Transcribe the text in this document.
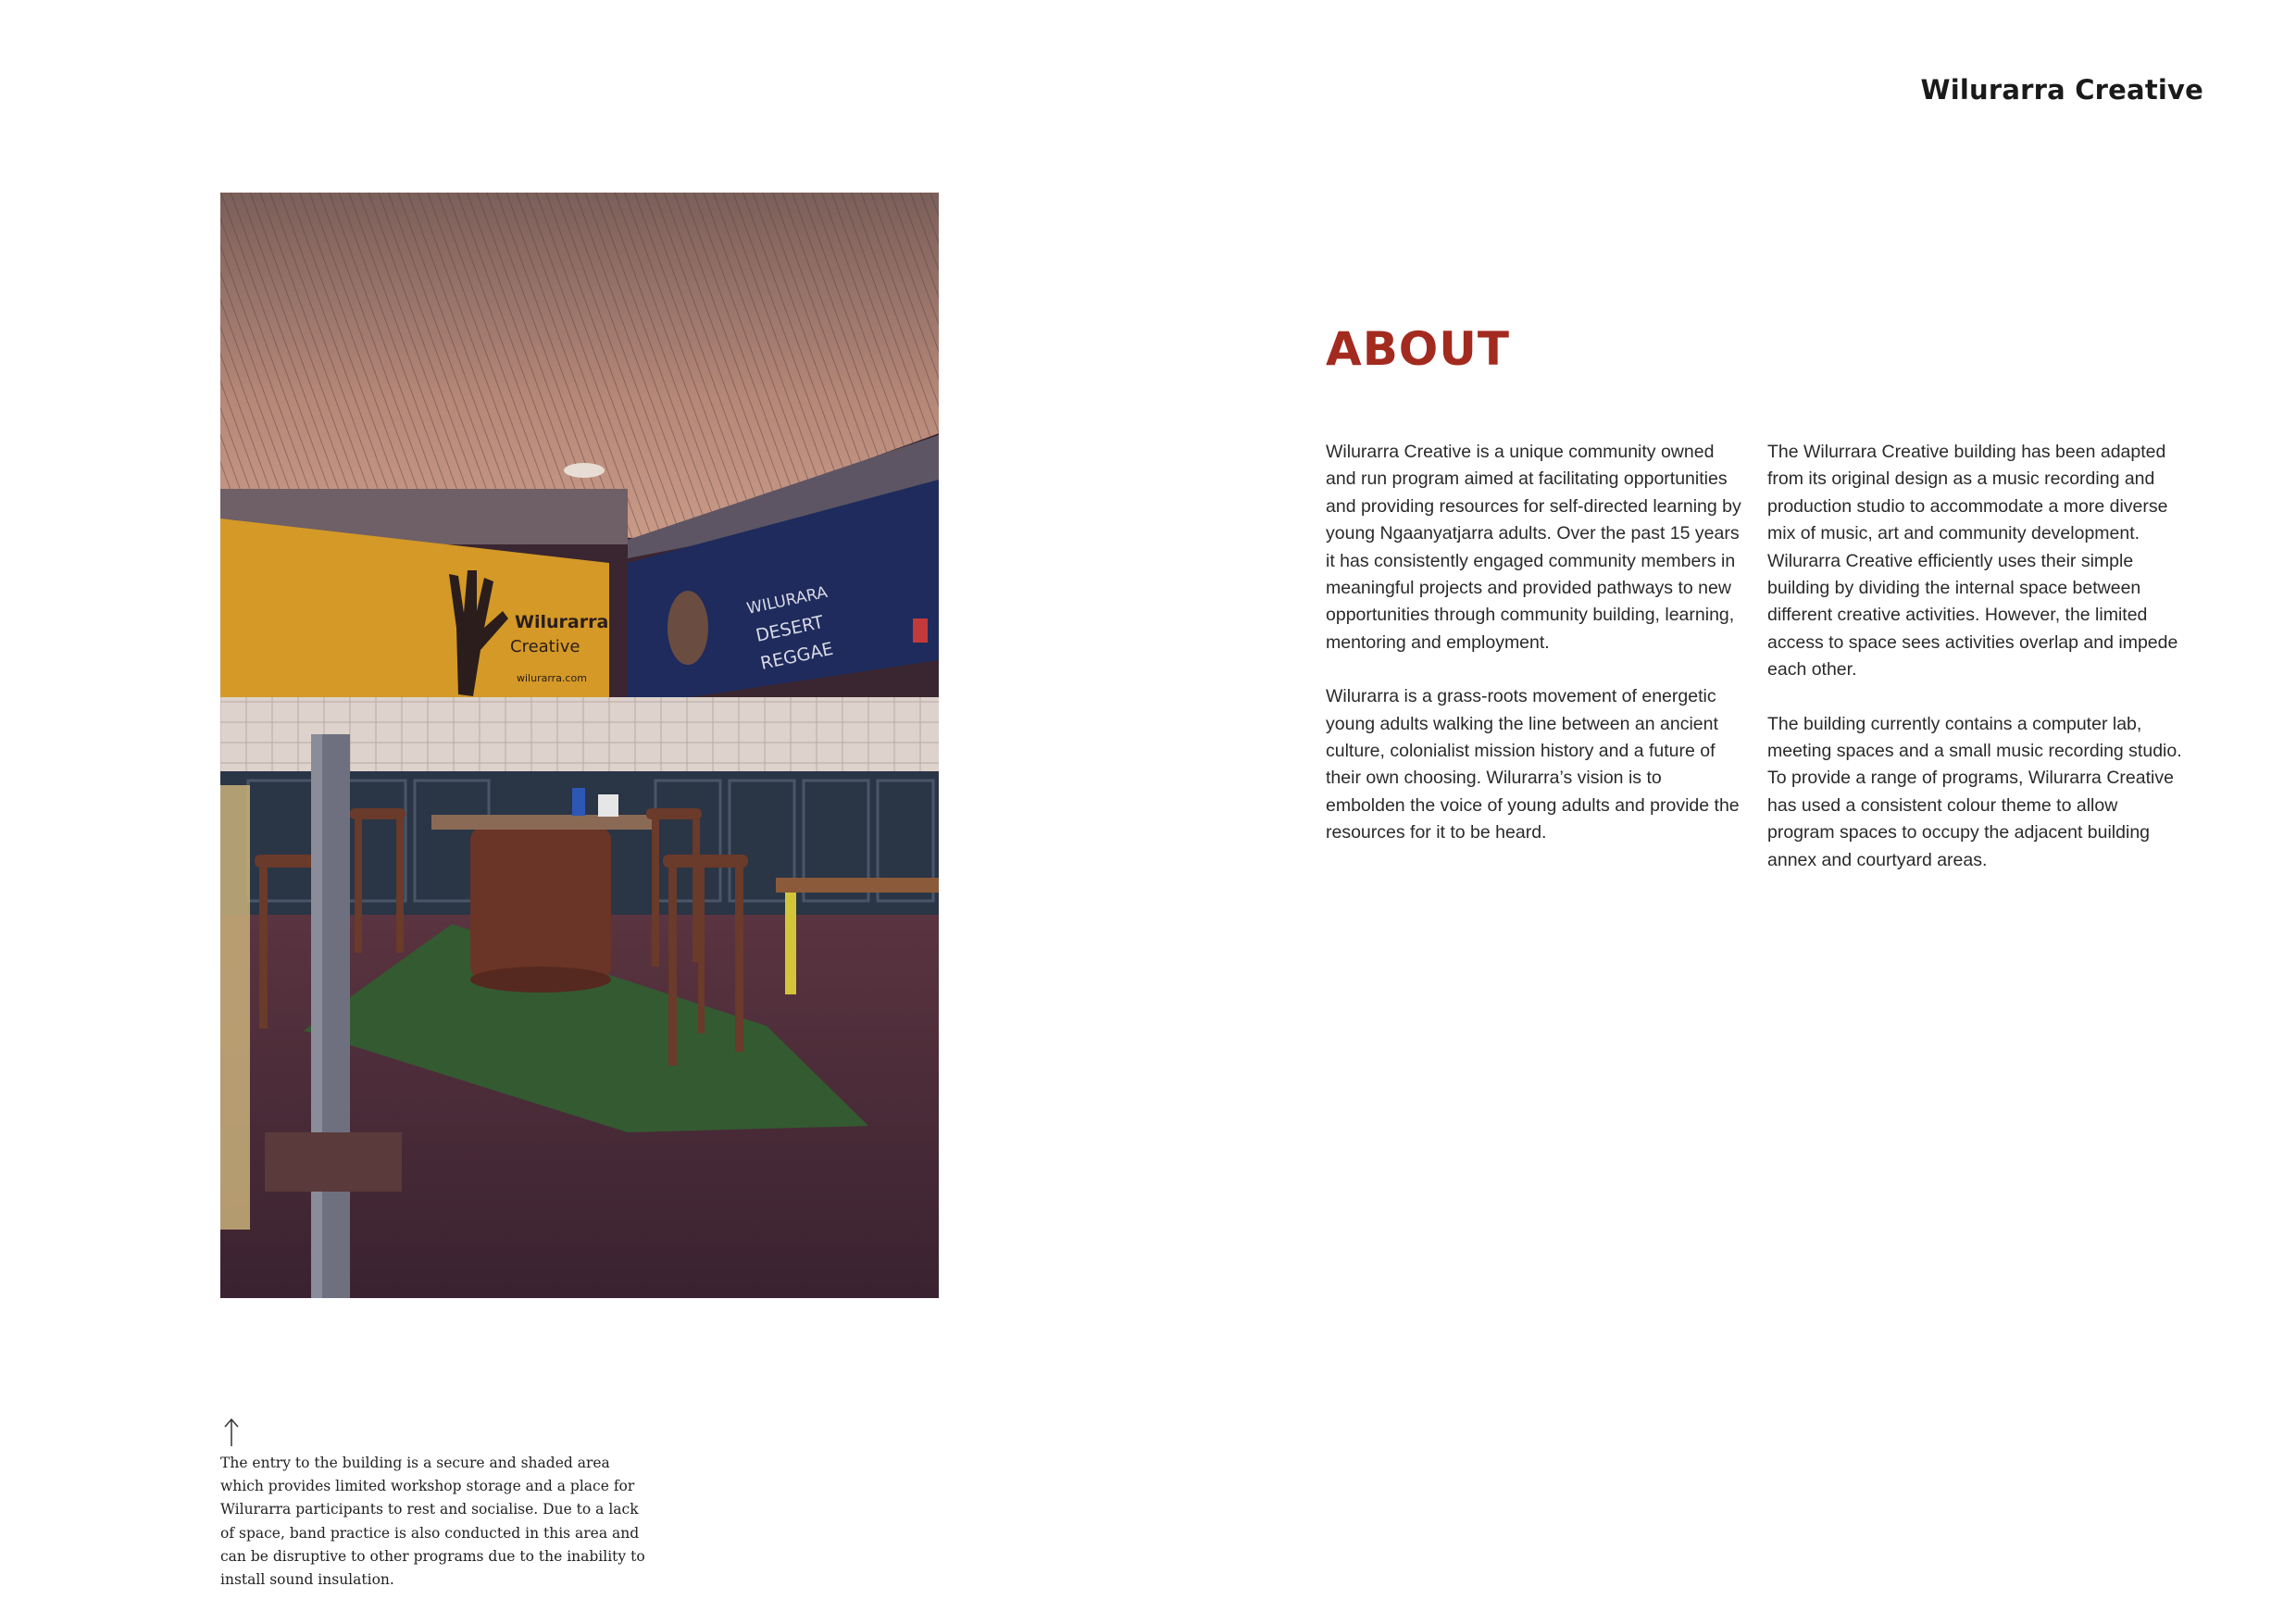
Wilurarra Creative
Wilurarra
Creative
wilurarra.com
WILURARA
DESERT
REGGAE

The entry to the building is a secure and shaded area which provides limited workshop storage and a place for Wilurarra participants to rest and socialise. Due to a lack of space, band practice is also conducted in this area and can be disruptive to other programs due to the inability to install sound insulation.

ABOUT

Wilurarra Creative is a unique community owned and run program aimed at facilitating opportunities and providing resources for self-directed learning by young Ngaanyatjarra adults. Over the past 15 years it has consistently engaged community members in meaningful projects and provided pathways to new opportunities through community building, learning, mentoring and employment.

Wilurarra is a grass-roots movement of energetic young adults walking the line between an ancient culture, colonialist mission history and a future of their own choosing. Wilurarra’s vision is to embolden the voice of young adults and provide the resources for it to be heard.

The Wilurrara Creative building has been adapted from its original design as a music recording and production studio to accommodate a more diverse mix of music, art and community development. Wilurarra Creative efficiently uses their simple building by dividing the internal space between different creative activities. However, the limited access to space sees activities overlap and impede each other.

The building currently contains a computer lab, meeting spaces and a small music recording studio. To provide a range of programs, Wilurarra Creative has used a consistent colour theme to allow program spaces to occupy the adjacent building annex and courtyard areas.
